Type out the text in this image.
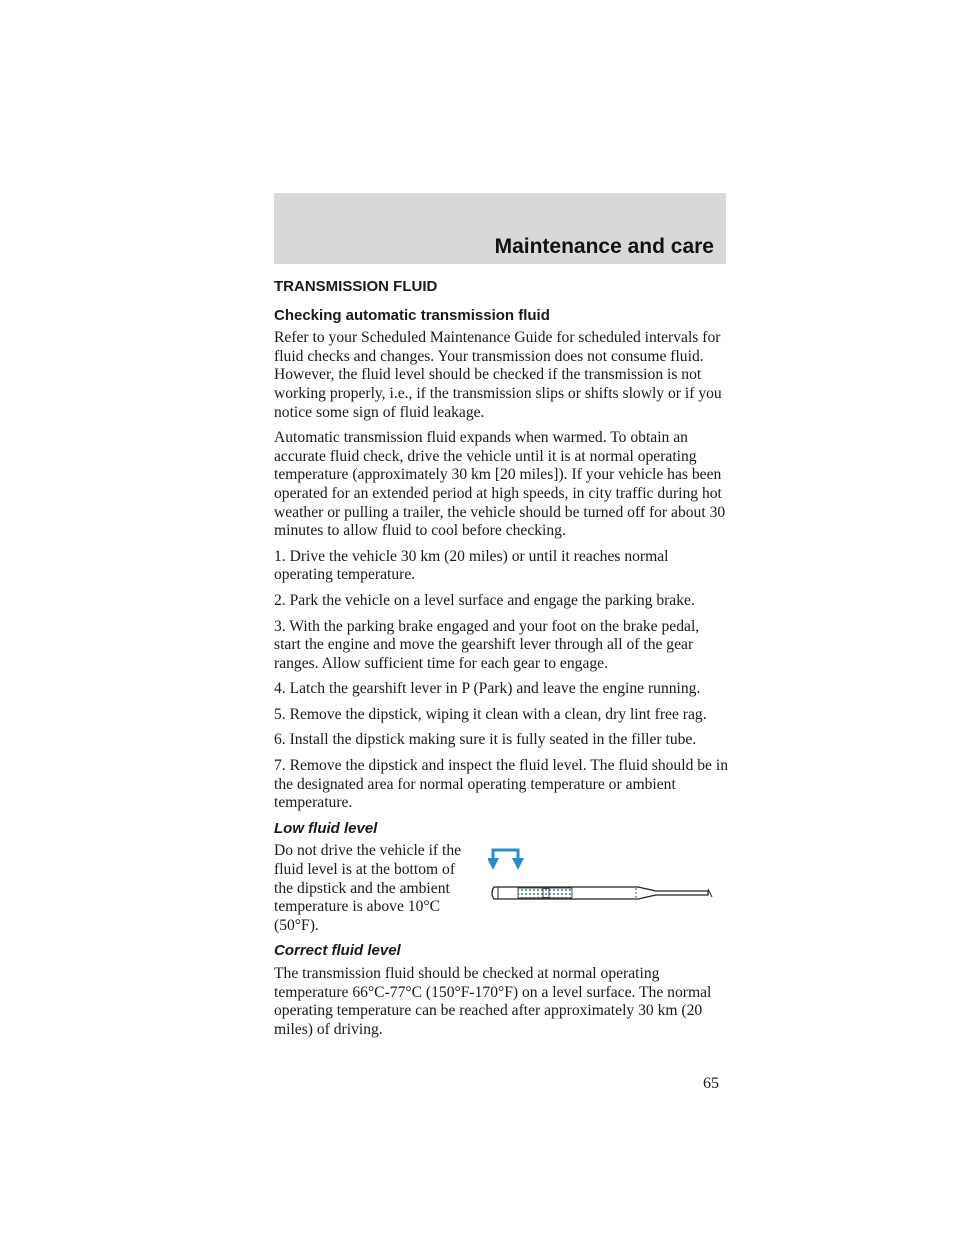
Maintenance and care
TRANSMISSION FLUID
Checking automatic transmission fluid

Refer to your Scheduled Maintenance Guide for scheduled intervals for fluid checks and changes. Your transmission does not consume fluid. However, the fluid level should be checked if the transmission is not working properly, i.e., if the transmission slips or shifts slowly or if you notice some sign of fluid leakage.

Automatic transmission fluid expands when warmed. To obtain an accurate fluid check, drive the vehicle until it is at normal operating temperature (approximately 30 km [20 miles]). If your vehicle has been operated for an extended period at high speeds, in city traffic during hot weather or pulling a trailer, the vehicle should be turned off for about 30 minutes to allow fluid to cool before checking.

1. Drive the vehicle 30 km (20 miles) or until it reaches normal operating temperature.

2. Park the vehicle on a level surface and engage the parking brake.

3. With the parking brake engaged and your foot on the brake pedal, start the engine and move the gearshift lever through all of the gear ranges. Allow sufficient time for each gear to engage.

4. Latch the gearshift lever in P (Park) and leave the engine running.

5. Remove the dipstick, wiping it clean with a clean, dry lint free rag.

6. Install the dipstick making sure it is fully seated in the filler tube.

7. Remove the dipstick and inspect the fluid level. The fluid should be in the designated area for normal operating temperature or ambient temperature.

Low fluid level

Do not drive the vehicle if the fluid level is at the bottom of the dipstick and the ambient temperature is above 10°C (50°F).

Correct fluid level

The transmission fluid should be checked at normal operating temperature 66°C-77°C (150°F-170°F) on a level surface. The normal operating temperature can be reached after approximately 30 km (20 miles) of driving.

65
